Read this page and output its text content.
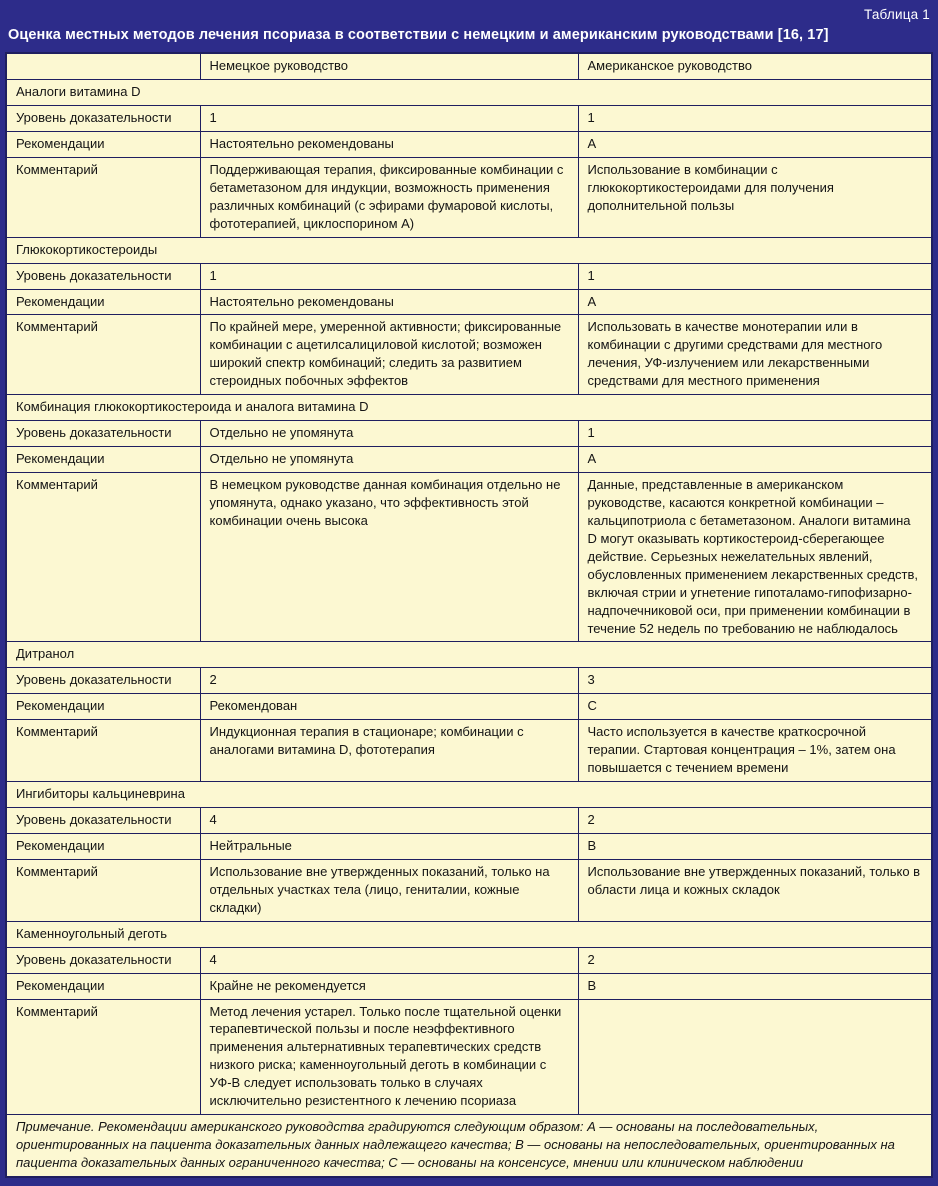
Таблица 1
Оценка местных методов лечения псориаза в соответствии с немецким и американским руководствами [16, 17]
	Немецкое руководство	Американское руководство
Аналоги витамина D		
Уровень доказательности	1	1
Рекомендации	Настоятельно рекомендованы	А
Комментарий	Поддерживающая терапия, фиксированные комбинации с бетаметазоном для индукции, возможность применения различных комбинаций (с эфирами фумаровой кислоты, фототерапией, циклоспорином А)	Использование в комбинации с глюкокортикостероидами для получения дополнительной пользы
Глюкокортикостероиды		
Уровень доказательности	1	1
Рекомендации	Настоятельно рекомендованы	А
Комментарий	По крайней мере, умеренной активности; фиксированные комбинации с ацетилсалициловой кислотой; возможен широкий спектр комбинаций; следить за развитием стероидных побочных эффектов	Использовать в качестве монотерапии или в комбинации с другими средствами для местного лечения, УФ-излучением или лекарственными средствами для местного применения
Комбинация глюкокортикостероида и аналога витамина D		
Уровень доказательности	Отдельно не упомянута	1
Рекомендации	Отдельно не упомянута	А
Комментарий	В немецком руководстве данная комбинация отдельно не упомянута, однако указано, что эффективность этой комбинации очень высока	Данные, представленные в американском руководстве, касаются конкретной комбинации – кальципотриола с бетаметазоном. Аналоги витамина D могут оказывать кортикостероид-сберегающее действие. Серьезных нежелательных явлений, обусловленных применением лекарственных средств, включая стрии и угнетение гипоталамо-гипофизарно-надпочечниковой оси, при применении комбинации в течение 52 недель по требованию не наблюдалось
Дитранол		
Уровень доказательности	2	3
Рекомендации	Рекомендован	С
Комментарий	Индукционная терапия в стационаре; комбинации с аналогами витамина D, фототерапия	Часто используется в качестве краткосрочной терапии. Стартовая концентрация – 1%, затем она повышается с течением времени
Ингибиторы кальциневрина		
Уровень доказательности	4	2
Рекомендации	Нейтральные	В
Комментарий	Использование вне утвержденных показаний, только на отдельных участках тела (лицо, гениталии, кожные складки)	Использование вне утвержденных показаний, только в области лица и кожных складок
Каменноугольный деготь		
Уровень доказательности	4	2
Рекомендации	Крайне не рекомендуется	В
Комментарий	Метод лечения устарел. Только после тщательной оценки терапевтической пользы и после неэффективного применения альтернативных терапевтических средств низкого риска; каменноугольный деготь в комбинации с УФ-В следует использовать только в случаях исключительно резистентного к лечению псориаза	
Примечание. Рекомендации американского руководства градируются следующим образом: А — основаны на последовательных, ориентированных на пациента доказательных данных надлежащего качества; В — основаны на непоследовательных, ориентированных на пациента доказательных данных ограниченного качества; С — основаны на консенсусе, мнении или клиническом наблюдении		
